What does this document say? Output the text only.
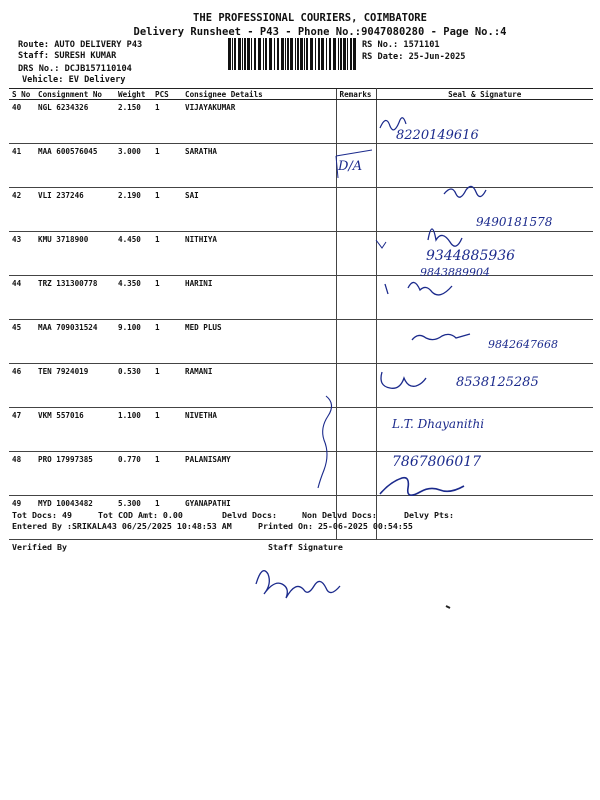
THE PROFESSIONAL COURIERS, COIMBATORE
Delivery Runsheet - P43 - Phone No.:9047080280 - Page No.:4
Route: AUTO DELIVERY P43
Staff: SURESH KUMAR
DRS No.: DCJB157110104
Vehicle: EV Delivery
RS No.: 1571101
RS Date: 25-Jun-2025
S No	Consignment No	Weight	PCS	Consignee Details	Remarks	Seal & Signature
40	NGL 6234326	2.150	1	VIJAYAKUMAR		
41	MAA 600576045	3.000	1	SARATHA		
42	VLI 237246	2.190	1	SAI		
43	KMU 3718900	4.450	1	NITHIYA		
44	TRZ 131300778	4.350	1	HARINI		
45	MAA 709031524	9.100	1	MED PLUS		
46	TEN 7924019	0.530	1	RAMANI		
47	VKM 557016	1.100	1	NIVETHA		
48	PRO 17997385	0.770	1	PALANISAMY		
49	MYD 10043482	5.300	1	GYANAPATHI		
Tot Docs: 49	Tot COD Amt: 0.00	Delvd Docs:	Non Delvd Docs:	Delvy Pts:
Entered By :SRIKALA43 06/25/2025 10:48:53 AM	Printed On: 25-06-2025 00:54:55
Verified By	Staff Signature
8220149616
D/A
9490181578
9344885936
9843889904
9842647668
8538125285
L.T. Dhayanithi
7867806017
